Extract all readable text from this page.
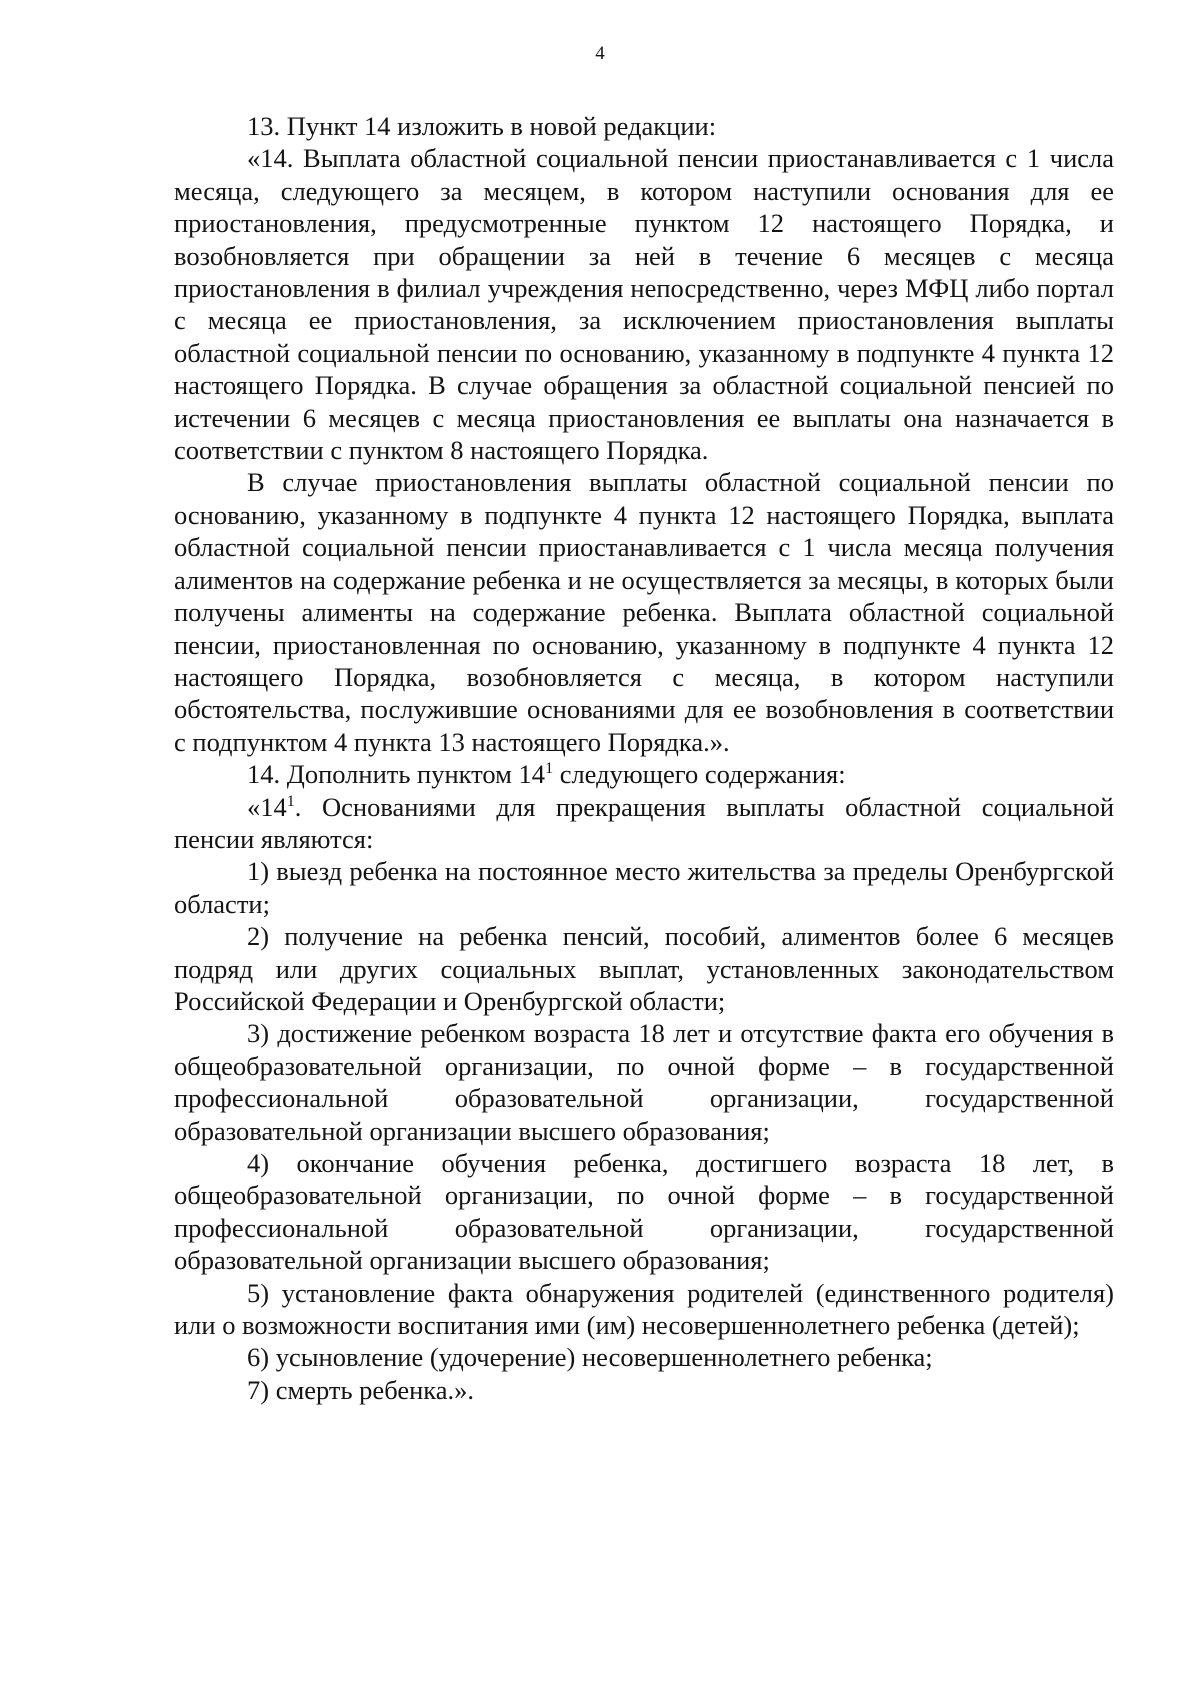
4

13. Пункт 14 изложить в новой редакции:

«14. Выплата областной социальной пенсии приостанавливается с 1 числа месяца, следующего за месяцем, в котором наступили основания для ее приостановления, предусмотренные пунктом 12 настоящего Порядка, и возобновляется при обращении за ней в течение 6 месяцев с месяца приостановления в филиал учреждения непосредственно, через МФЦ либо портал с месяца ее приостановления, за исключением приостановления выплаты областной социальной пенсии по основанию, указанному в подпункте 4 пункта 12 настоящего Порядка. В случае обращения за областной социальной пенсией по истечении 6 месяцев с месяца приостановления ее выплаты она назначается в соответствии с пунктом 8 настоящего Порядка.

В случае приостановления выплаты областной социальной пенсии по основанию, указанному в подпункте 4 пункта 12 настоящего Порядка, выплата областной социальной пенсии приостанавливается с 1 числа месяца получения алиментов на содержание ребенка и не осуществляется за месяцы, в которых были получены алименты на содержание ребенка. Выплата областной социальной пенсии, приостановленная по основанию, указанному в подпункте 4 пункта 12 настоящего Порядка, возобновляется с месяца, в котором наступили обстоятельства, послужившие основаниями для ее возобновления в соответствии с подпунктом 4 пункта 13 настоящего Порядка.».

14. Дополнить пунктом $14^1$ следующего содержания:

«$14^1$. Основаниями для прекращения выплаты областной социальной пенсии являются:

1) выезд ребенка на постоянное место жительства за пределы Оренбургской области;

2) получение на ребенка пенсий, пособий, алиментов более 6 месяцев подряд или других социальных выплат, установленных законодательством Российской Федерации и Оренбургской области;

3) достижение ребенком возраста 18 лет и отсутствие факта его обучения в общеобразовательной организации, по очной форме – в государственной профессиональной образовательной организации, государственной образовательной организации высшего образования;

4) окончание обучения ребенка, достигшего возраста 18 лет, в общеобразовательной организации, по очной форме – в государственной профессиональной образовательной организации, государственной образовательной организации высшего образования;

5) установление факта обнаружения родителей (единственного родителя) или о возможности воспитания ими (им) несовершеннолетнего ребенка (детей);

6) усыновление (удочерение) несовершеннолетнего ребенка;

7) смерть ребенка.».
